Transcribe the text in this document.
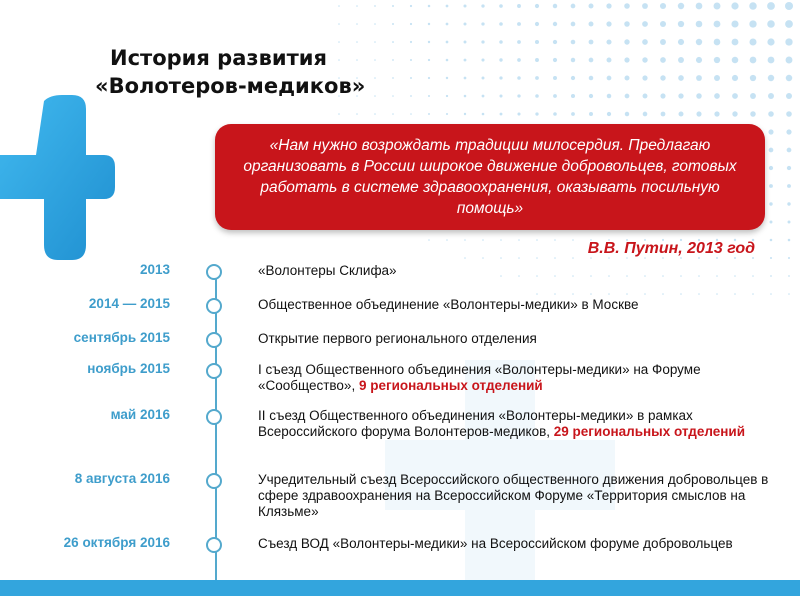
История развития
«Волотеров-медиков»

«Нам нужно возрождать традиции милосердия. Предлагаю организовать в России широкое движение добровольцев, готовых работать в системе здравоохранения, оказывать посильную помощь»

В.В. Путин, 2013 год
2013	«Волонтеры Склифа»
2014 — 2015	Общественное объединение «Волонтеры-медики» в Москве
сентябрь 2015	Открытие первого регионального отделения
ноябрь 2015	I съезд Общественного объединения «Волонтеры-медики» на Форуме «Сообщество», 9 региональных отделений
май 2016	II съезд Общественного объединения «Волонтеры-медики» в рамках Всероссийского форума Волонтеров-медиков, 29 региональных отделений
8 августа 2016	Учредительный съезд Всероссийского общественного движения добровольцев в сфере здравоохранения на Всероссийском Форуме «Территория смыслов на Клязьме»
26 октября 2016	Съезд ВОД «Волонтеры-медики» на Всероссийском форуме добровольцев
